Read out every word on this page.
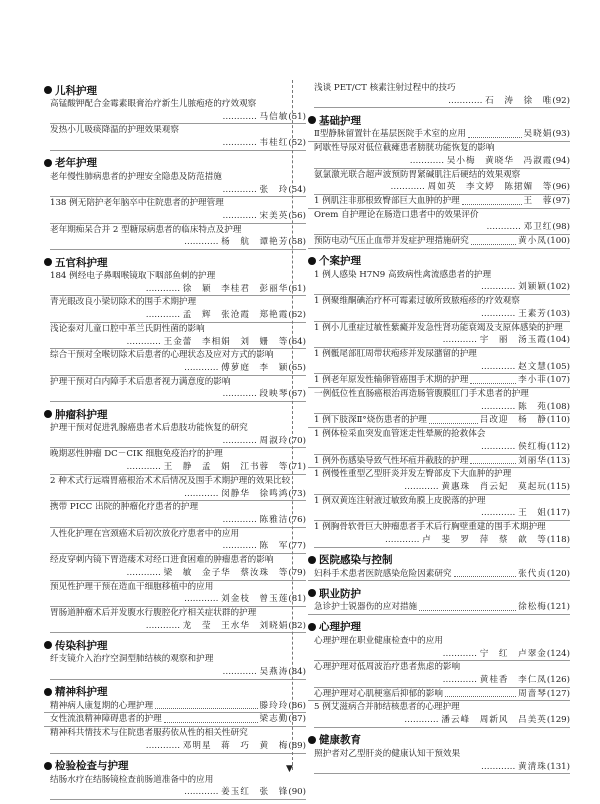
儿科护理
高锰酸钾配合金霉素眼膏治疗新生儿脓疱疮的疗效观察
………… 马信敏(51)
发热小儿吸痰降温的护理效果观察
………… 韦桂红(52)
老年护理
老年慢性肺病患者的护理安全隐患及防范措施
………… 张　玲(54)
138 例无陪护老年脑卒中住院患者的护理管理
………… 宋美英(56)
老年期痴呆合并 2 型糖尿病患者的临床特点及护理
………… 杨　航　谭艳芳(58)
五官科护理
184 例经电子鼻咽喉镜取下咽部鱼刺的护理
………… 徐　颖　李桂君　彭丽华(61)
青光眼改良小梁切除术的围手术期护理
………… 孟　辉　张沧霞　郑艳霞(62)
浅论泰对儿童口腔中革兰氏阴性菌的影响
………… 王金蕾　李相娟　刘　姗　等(64)
综合干预对全喉切除术后患者的心理状态及应对方式的影响
………… 傅萝庭　李　颖(65)
护理干预对白内障手术后患者视力满意度的影响
………… 段映琴(67)
肿瘤科护理
护理干预对促进乳腺癌患者术后患肢功能恢复的研究
………… 周淑玲(70)
晚期恶性肿瘤 DC－CIK 细胞免疫治疗的护理
………… 王　静　孟　娟　江书蓉　等(71)
2 种术式行远端胃癌根治术术后情况及围手术期护理的效果比较
………… 闵静华　徐鸣鸿(73)
携带 PICC 出院的肿瘤化疗患者的护理
………… 陈雅洁(76)
人性化护理在宫颈癌术后初次放化疗患者中的应用
………… 陈　军(77)
经皮穿刺内镜下胃造瘘术对经口进食困难的肿瘤患者的影响
………… 梁　敏　金子华　蔡汝珠　等(79)
预见性护理干预在造血干细胞移植中的应用
………… 刘金枝　曾玉莲(81)
胃肠道肿瘤术后并发腹水行腹腔化疗相关症状群的护理
………… 龙　莹　王水华　刘晓娟(82)
传染科护理
纤支镜介入治疗空洞型肺结核的观察和护理
………… 吴燕涛(84)
精神科护理
精神病人康复期的心理护理	滕玲玲(86)
女性流浪精神障碍患者的护理	梁志勤(87)
精神科共情技术与住院患者服药依从性的相关性研究
………… 邓明星　蒋　巧　黄　梅(89)
检验检查与护理
结肠水疗在结肠镜检查前肠道准备中的应用
………… 姜玉红　张　锋(90)
▼
浅谈 PET/CT 核素注射过程中的技巧
………… 石　涛　徐　唯(92)
基础护理
Ⅱ型静脉留置针在基层医院手术室的应用	吴晓娟(93)
阿歇性导尿对低位截瘫患者膀胱功能恢复的影响
………… 吴小梅　黄晓华　冯淑霞(94)
氨氯激光联合超声波预防胃紧碱肌注后硬结的效果观察
………… 周如英　李文婷　陈捃媚　等(96)
1 例肌注非那根致臀部巨大血肿的护理	王　蓉(97)
Orem 自护理论在肠造口患者中的效果评价
………… 邓卫红(98)
预防电动气压止血带并发症护理措施研究	黄小凤(100)
个案护理
1 例人感染 H7N9 高致病性禽流感患者的护理
………… 刘颖颖(102)
1 例聚维酮碘治疗杯可霉素过敏所致脓疱疹的疗效观察
………… 王素芳(103)
1 例小儿重症过敏性紫癜并发急性肾功能衰竭及支原体感染的护理
………… 宇　丽　汤玉霞(104)
1 例骶尾部肛周带状疱疹并发尿潴留的护理
………… 赵文慧(105)
1 例老年原发性输卵管癌围手术期的护理	李小菲(107)
一例低位性直肠癌根治再造肠管腹膜肛门手术患者的护理
………… 陈　苑(108)
1 例下肢深Ⅱ°烧伤患者的护理	吕改迎　杨　静(110)
1 例体检采血突发血管迷走性晕厥的抢救体会
………… 侯红梅(112)
1 例外伤感染导致气性坏疽并截肢的护理	刘丽华(113)
1 例慢性重型乙型肝炎并发左臀部皮下大血肿的护理
………… 黄惠珠　肖云妃　莫起玩(115)
1 例双黄连注射液过敏致角膜上皮脱落的护理
………… 王　姐(117)
1 例胸骨软骨巨大肿瘤患者手术后行胸壁重建的围手术期护理
………… 卢　斐　罗　萍　蔡　歆　等(118)
医院感染与控制
妇科手术患者医院感染危险因素研究	张代贞(120)
职业防护
急诊护士锐器伤的应对措施	徐松梅(121)
心理护理
心理护理在职业健康检查中的应用
………… 宁　红　卢翠金(124)
心理护理对低周波治疗患者焦虑的影响
………… 黄桂香　李仁凤(126)
心理护理对心肌梗塞后抑郁的影响	周啬琴(127)
5 例艾滋病合并肺结核患者的心理护理
………… 潘云峰　周新风　吕美英(129)
健康教育
照护者对乙型肝炎的健康认知干预效果
………… 黄清珠(131)
